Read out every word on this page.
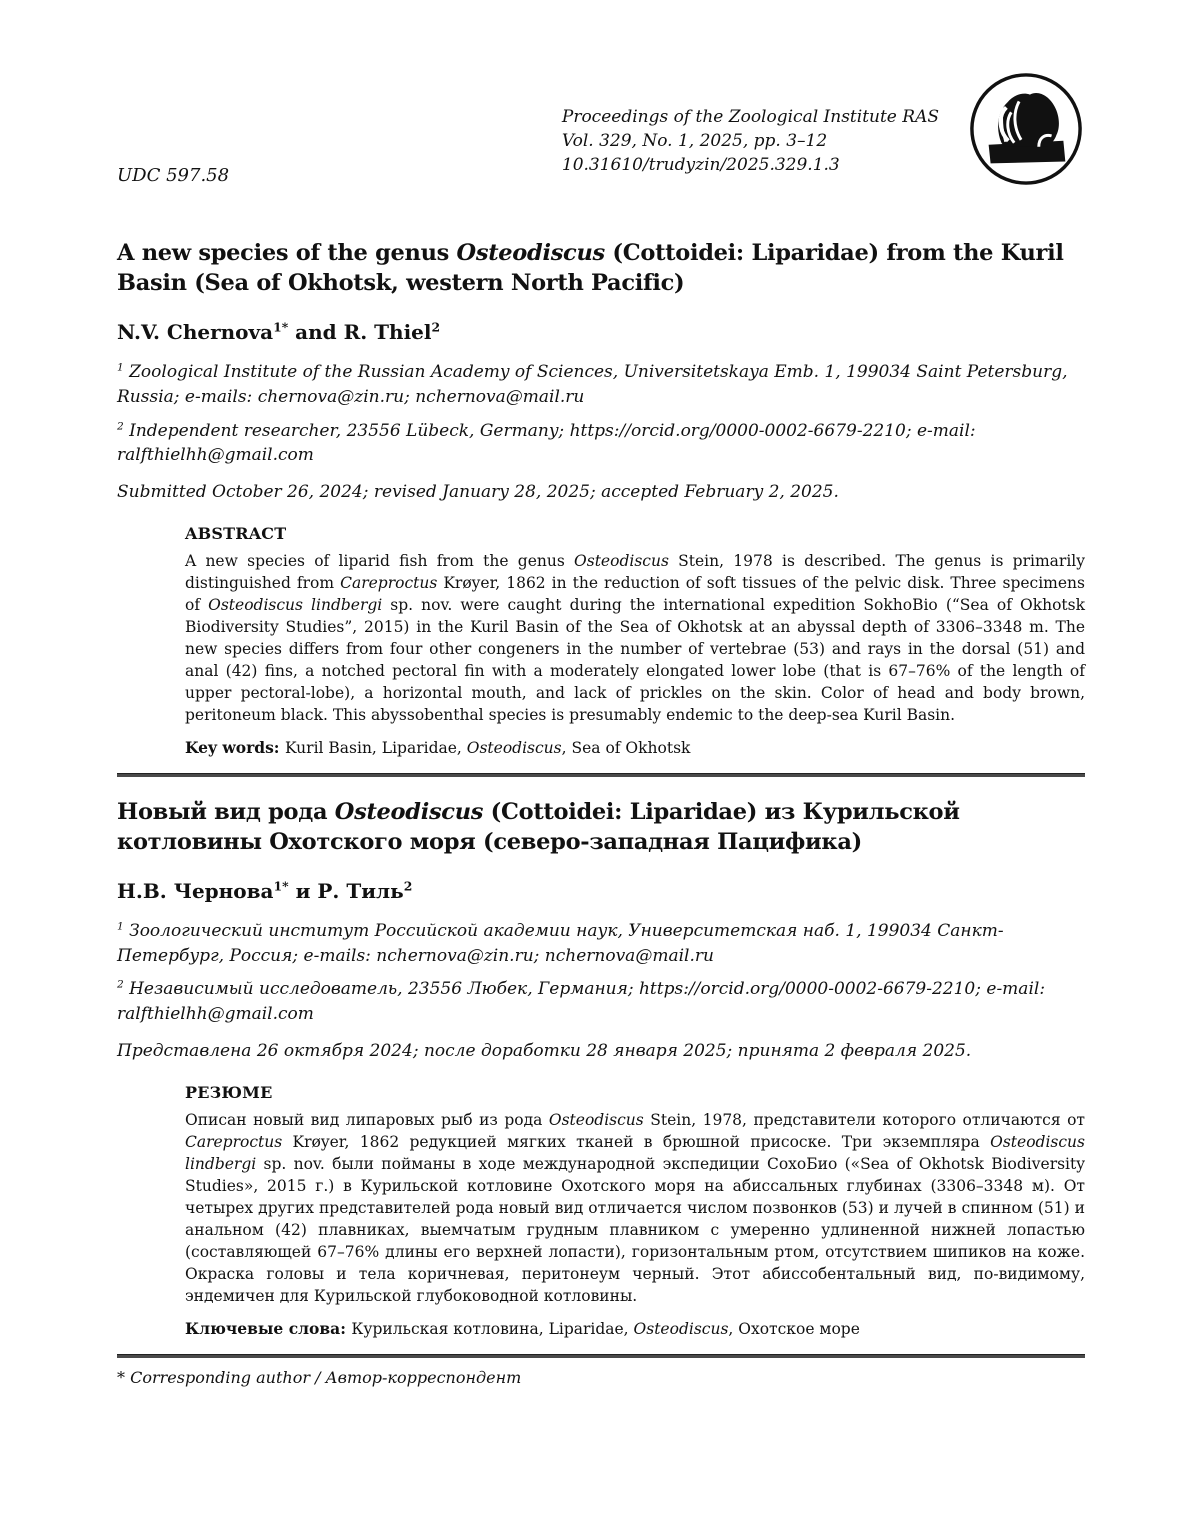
UDC 597.58
Proceedings of the Zoological Institute RAS
Vol. 329, No. 1, 2025, pp. 3–12
10.31610/trudyzin/2025.329.1.3
A new species of the genus Osteodiscus (Cottoidei: Liparidae) from the Kuril Basin (Sea of Okhotsk, western North Pacific)
N.V. Chernova$^{1*}$ and R. Thiel$^2$
$^1$ Zoological Institute of the Russian Academy of Sciences, Universitetskaya Emb. 1, 199034 Saint Petersburg, Russia; e-mails: chernova@zin.ru; nchernova@mail.ru
$^2$ Independent researcher, 23556 Lübeck, Germany; https://orcid.org/0000-0002-6679-2210; e-mail: ralfthielhh@gmail.com
Submitted October 26, 2024; revised January 28, 2025; accepted February 2, 2025.
ABSTRACT

A new species of liparid fish from the genus Osteodiscus Stein, 1978 is described. The genus is primarily distinguished from Careproctus Krøyer, 1862 in the reduction of soft tissues of the pelvic disk. Three specimens of Osteodiscus lindbergi sp. nov. were caught during the international expedition SokhoBio (“Sea of Okhotsk Biodiversity Studies”, 2015) in the Kuril Basin of the Sea of Okhotsk at an abyssal depth of 3306–3348 m. The new species differs from four other congeners in the number of vertebrae (53) and rays in the dorsal (51) and anal (42) fins, a notched pectoral fin with a moderately elongated lower lobe (that is 67–76% of the length of upper pectoral-lobe), a horizontal mouth, and lack of prickles on the skin. Color of head and body brown, peritoneum black. This abyssobenthal species is presumably endemic to the deep-sea Kuril Basin.

Key words: Kuril Basin, Liparidae, Osteodiscus, Sea of Okhotsk

Новый вид рода Osteodiscus (Cottoidei: Liparidae) из Курильской котловины Охотского моря (северо-западная Пацифика)
Н.В. Чернова$^{1*}$ и Р. Тиль$^2$
$^1$ Зоологический институт Российской академии наук, Университетская наб. 1, 199034 Санкт-Петербург, Россия; e-mails: nchernova@zin.ru; nchernova@mail.ru
$^2$ Независимый исследователь, 23556 Любек, Германия; https://orcid.org/0000-0002-6679-2210; e-mail: ralfthielhh@gmail.com
Представлена 26 октября 2024; после доработки 28 января 2025; принята 2 февраля 2025.
РЕЗЮМЕ

Описан новый вид липаровых рыб из рода Osteodiscus Stein, 1978, представители которого отличаются от Careproctus Krøyer, 1862 редукцией мягких тканей в брюшной присоске. Три экземпляра Osteodiscus lindbergi sp. nov. были пойманы в ходе международной экспедиции СохоБио («Sea of Okhotsk Biodiversity Studies», 2015 г.) в Курильской котловине Охотского моря на абиссальных глубинах (3306–3348 м). От четырех других представителей рода новый вид отличается числом позвонков (53) и лучей в спинном (51) и анальном (42) плавниках, выемчатым грудным плавником с умеренно удлиненной нижней лопастью (составляющей 67–76% длины его верхней лопасти), горизонтальным ртом, отсутствием шипиков на коже. Окраска головы и тела коричневая, перитонеум черный. Этот абиссобентальный вид, по-видимому, эндемичен для Курильской глубоководной котловины.

Ключевые слова: Курильская котловина, Liparidae, Osteodiscus, Охотское море

* Corresponding author / Автор-корреспондент
